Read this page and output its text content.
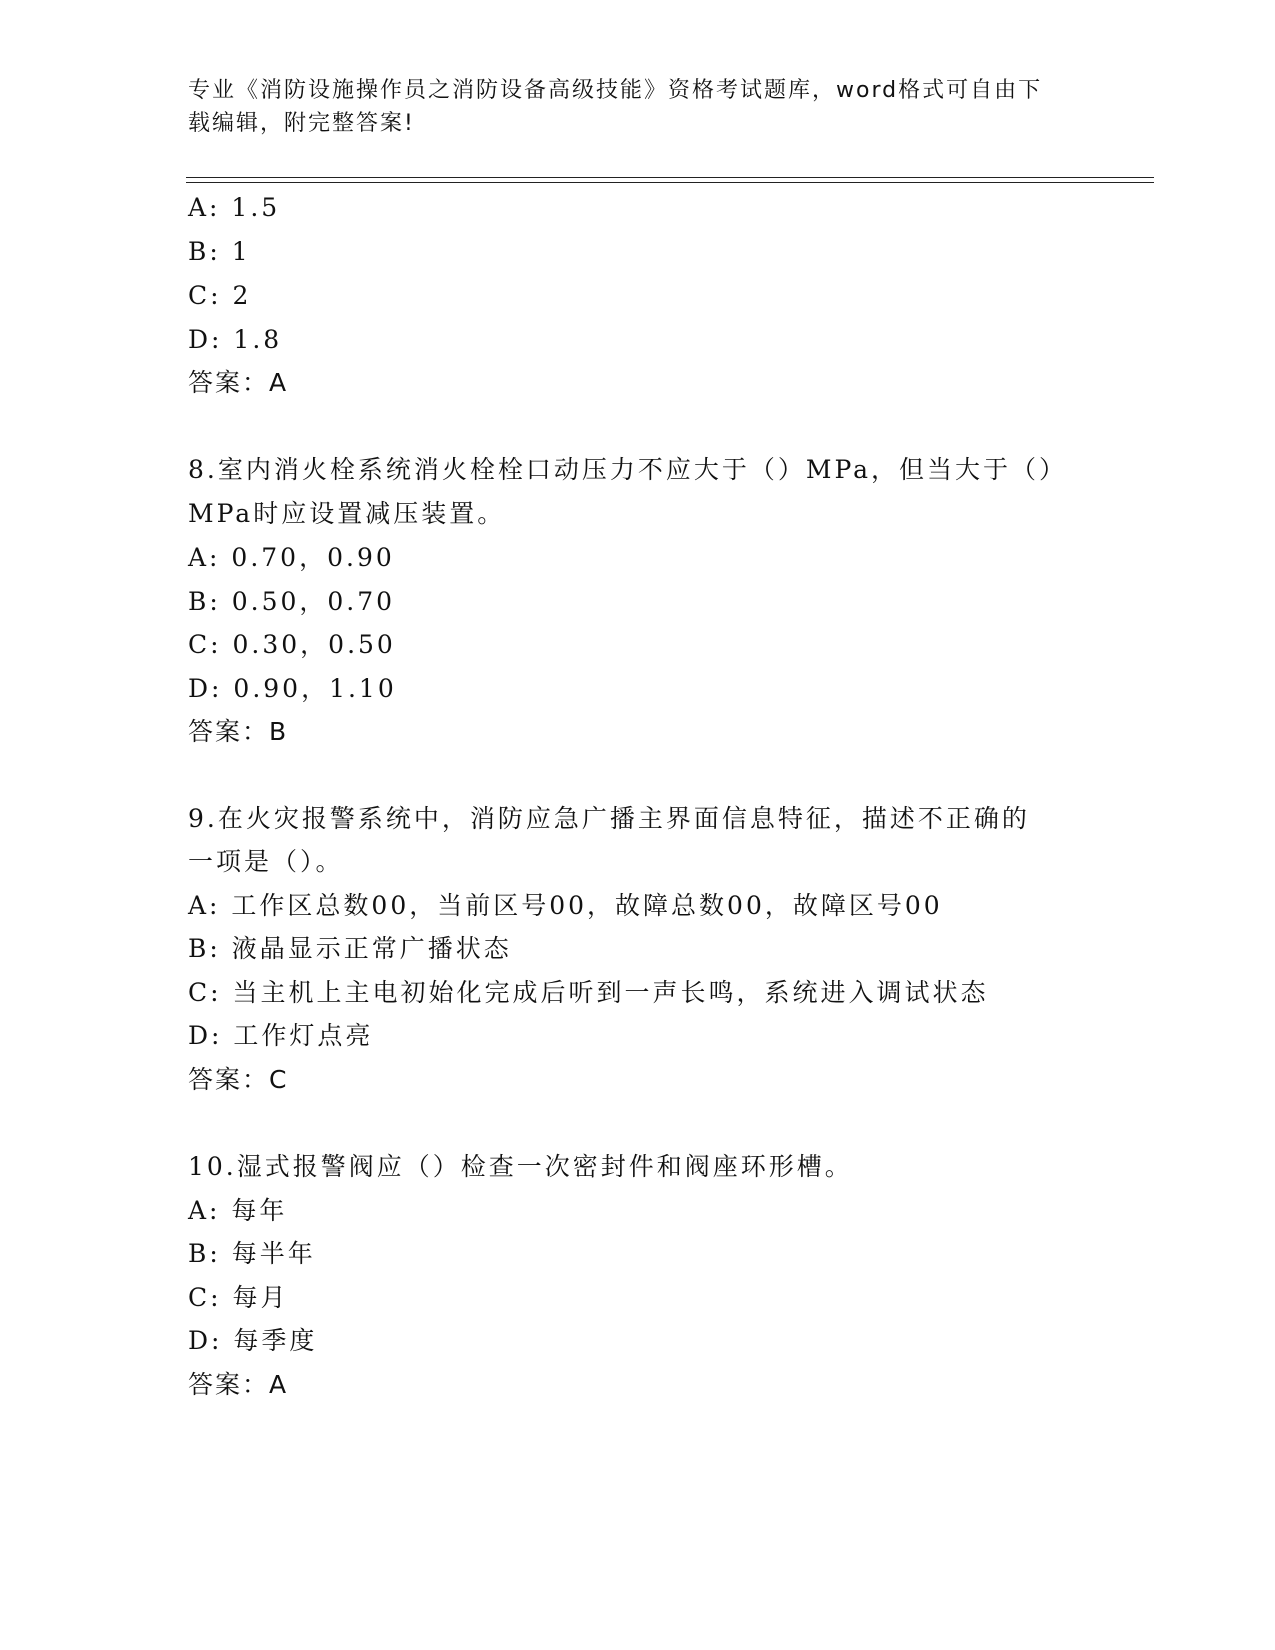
专业《消防设施操作员之消防设备高级技能》资格考试题库，word格式可自由下
载编辑，附完整答案!
A: 1.5
B: 1
C: 2
D: 1.8
答案：A
8.室内消火栓系统消火栓栓口动压力不应大于（）MPa，但当大于（）
MPa时应设置减压装置。
A: 0.70，0.90
B: 0.50，0.70
C: 0.30，0.50
D: 0.90，1.10
答案：B
9.在火灾报警系统中，消防应急广播主界面信息特征，描述不正确的
一项是（）。
A: 工作区总数00，当前区号00，故障总数00，故障区号00
B: 液晶显示正常广播状态
C: 当主机上主电初始化完成后听到一声长鸣，系统进入调试状态
D: 工作灯点亮
答案：C
10.湿式报警阀应（）检查一次密封件和阀座环形槽。
A: 每年
B: 每半年
C: 每月
D: 每季度
答案：A
